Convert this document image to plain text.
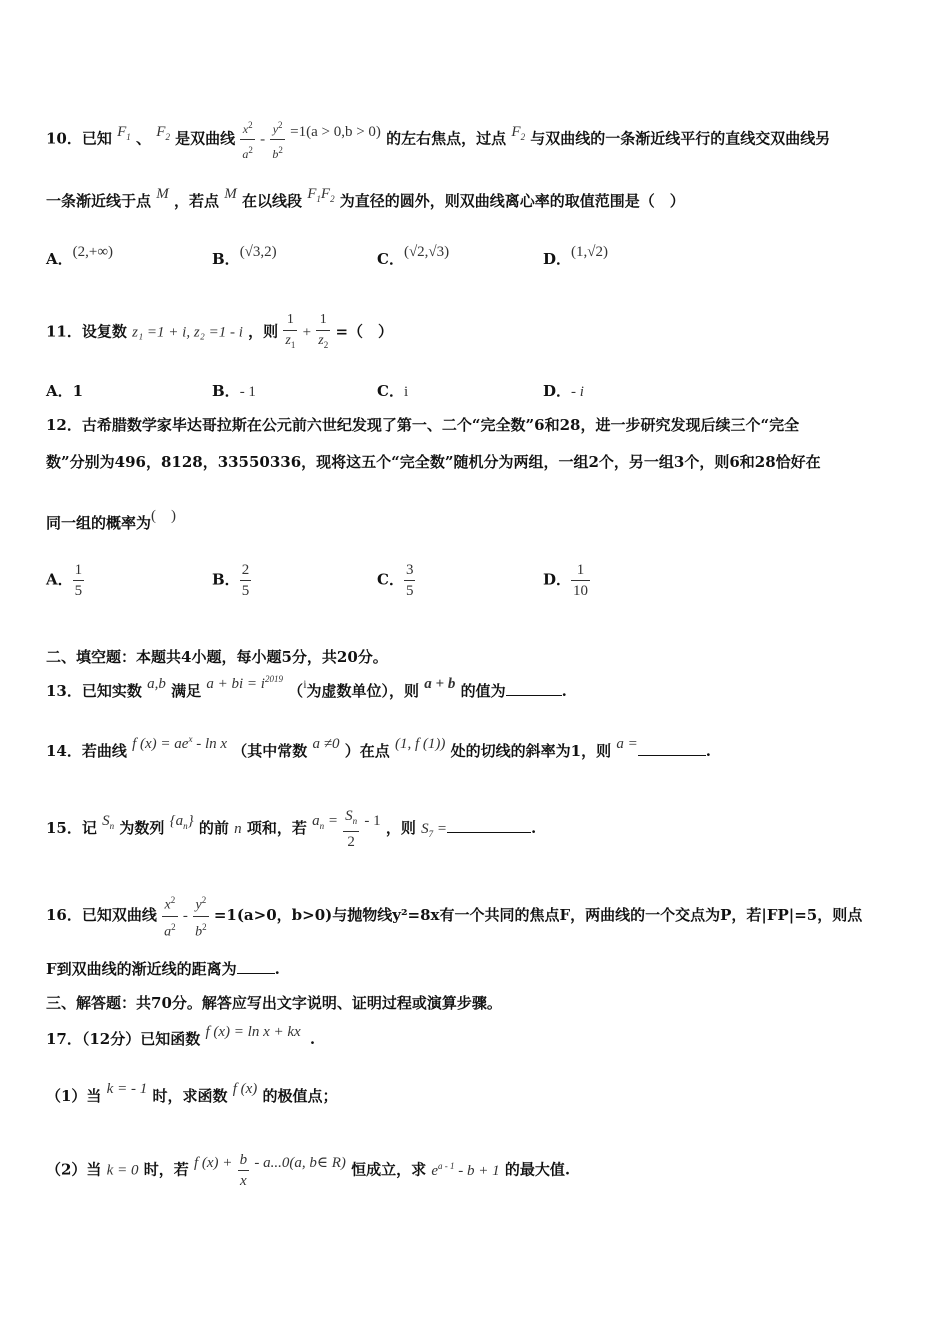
10．已知 $F_1$ 、 $F_2$ 是双曲线 $\frac{x^2}{a^2} - \frac{y^2}{b^2} =1(a > 0,b > 0)$ 的左右焦点，过点 $F_2$ 与双曲线的一条渐近线平行的直线交双曲线另
一条渐近线于点 M ，若点 M 在以线段 $F_1F_2$ 为直径的圆外，则双曲线离心率的取值范围是（　）
A．(2,+∞)	B．(√3,2)	C．(√2,√3)	D．(1,√2)
11．设复数 z₁ =1 + i, z₂ =1 - i ，则 $\frac{1}{z_1} + \frac{1}{z_2}$ =（　）
A．1	B．- 1	C．i	D．- i
12．古希腊数学家毕达哥拉斯在公元前六世纪发现了第一、二个“完全数”6和28，进一步研究发现后续三个“完全
数”分别为496，8128，33550336，现将这五个“完全数”随机分为两组，一组2个，另一组3个，则6和28恰好在
同一组的概率为(　)
A． $\frac{1}{5}$	B． $\frac{2}{5}$	C． $\frac{3}{5}$	D． $\frac{1}{10}$
二、填空题：本题共4小题，每小题5分，共20分。
13．已知实数 a,b 满足 a + bi = $i^{2019}$ （$^i$为虚数单位），则 a + b 的值为	.
14．若曲线 f $(x) = ae^x - \ln x$ （其中常数 a ≠0 ）在点 (1, f (1)) 处的切线的斜率为1，则 a =	.
15．记 $S_n$ 为数列 $\{a_n\}$ 的前 n 项和，若 $a_n = \frac{S_n}{2} - 1$ ，则 $S_7$ =	.
16．已知双曲线 $\frac{x^2}{a^2} - \frac{y^2}{b^2} =1(a>0$，b>0)与抛物线y²=8x有一个共同的焦点F，两曲线的一个交点为P，若|FP|=5，则点
F到双曲线的渐近线的距离为	.
三、解答题：共70分。解答应写出文字说明、证明过程或演算步骤。
17．（12分）已知函数 f (x) = ln x + kx .
（1）当 k = - 1 时，求函数 f (x) 的极值点；
（2）当 k = 0 时，若 f $(x) + \frac{b}{x} - a...0(a$, b∈ R) 恒成立，求 $e^{a - 1} - b + 1$ 的最大值.
